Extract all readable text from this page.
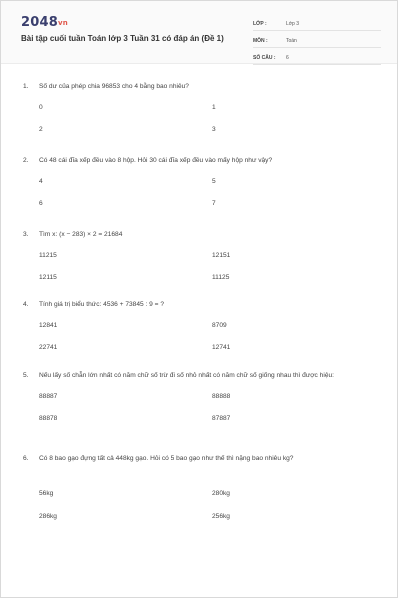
2048vn
Bài tập cuối tuần Toán lớp 3 Tuần 31 có đáp án (Đề 1)
LỚP :	Lớp 3
MÔN :	Toán
SỐ CÂU :	6
1.	Số dư của phép chia 96853 cho 4 bằng bao nhiêu?
0	1
2	3
2.	Có 48 cái đĩa xếp đều vào 8 hộp. Hỏi 30 cái đĩa xếp đều vào mấy hộp như vậy?
4	5
6	7
3.	Tìm x: (x − 283) × 2 = 21684
11215	12151
12115	11125
4.	Tính giá trị biểu thức: 4536 + 73845 : 9 = ?
12841	8709
22741	12741
5.	Nếu lấy số chẵn lớn nhất có năm chữ số trừ đi số nhỏ nhất có năm chữ số giống nhau thì được hiệu:
88887	88888
88878	87887
6.	Có 8 bao gạo đựng tất cả 448kg gạo. Hỏi có 5 bao gạo như thế thì nặng bao nhiêu kg?
56kg	280kg
286kg	256kg
